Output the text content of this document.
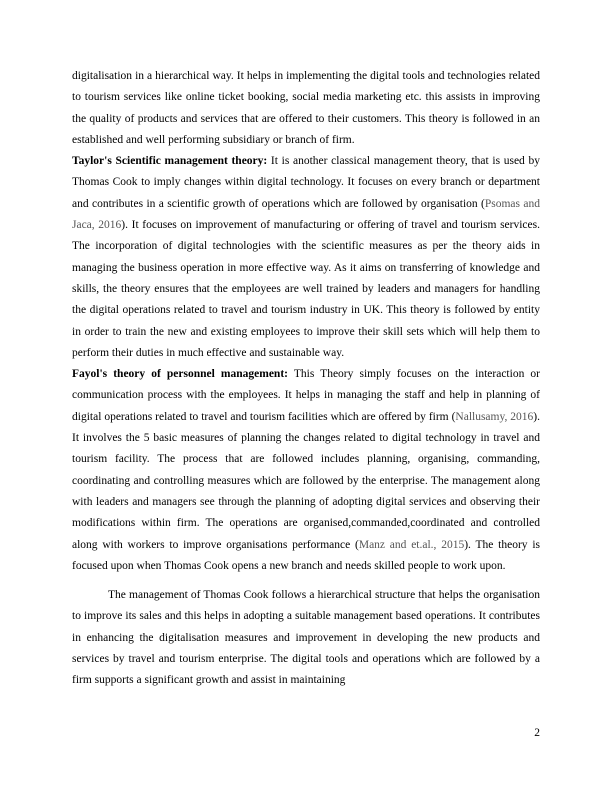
digitalisation in a hierarchical way. It helps in implementing the digital tools and technologies related to tourism services like online ticket booking, social media marketing etc. this assists in improving the quality of products and services that are offered to their customers. This theory is followed in an established and well performing subsidiary or branch of firm.

Taylor's Scientific management theory: It is another classical management theory, that is used by Thomas Cook to imply changes within digital technology. It focuses on every branch or department and contributes in a scientific growth of operations which are followed by organisation (Psomas and Jaca, 2016). It focuses on improvement of manufacturing or offering of travel and tourism services. The incorporation of digital technologies with the scientific measures as per the theory aids in managing the business operation in more effective way. As it aims on transferring of knowledge and skills, the theory ensures that the employees are well trained by leaders and managers for handling the digital operations related to travel and tourism industry in UK. This theory is followed by entity in order to train the new and existing employees to improve their skill sets which will help them to perform their duties in much effective and sustainable way.

Fayol's theory of personnel management: This Theory simply focuses on the interaction or communication process with the employees. It helps in managing the staff and help in planning of digital operations related to travel and tourism facilities which are offered by firm (Nallusamy, 2016). It involves the 5 basic measures of planning the changes related to digital technology in travel and tourism facility. The process that are followed includes planning, organising, commanding, coordinating and controlling measures which are followed by the enterprise. The management along with leaders and managers see through the planning of adopting digital services and observing their modifications within firm. The operations are organised,commanded,coordinated and controlled along with workers to improve organisations performance (Manz and et.al., 2015). The theory is focused upon when Thomas Cook opens a new branch and needs skilled people to work upon.

The management of Thomas Cook follows a hierarchical structure that helps the organisation to improve its sales and this helps in adopting a suitable management based operations. It contributes in enhancing the digitalisation measures and improvement in developing the new products and services by travel and tourism enterprise. The digital tools and operations which are followed by a firm supports a significant growth and assist in maintaining

2
